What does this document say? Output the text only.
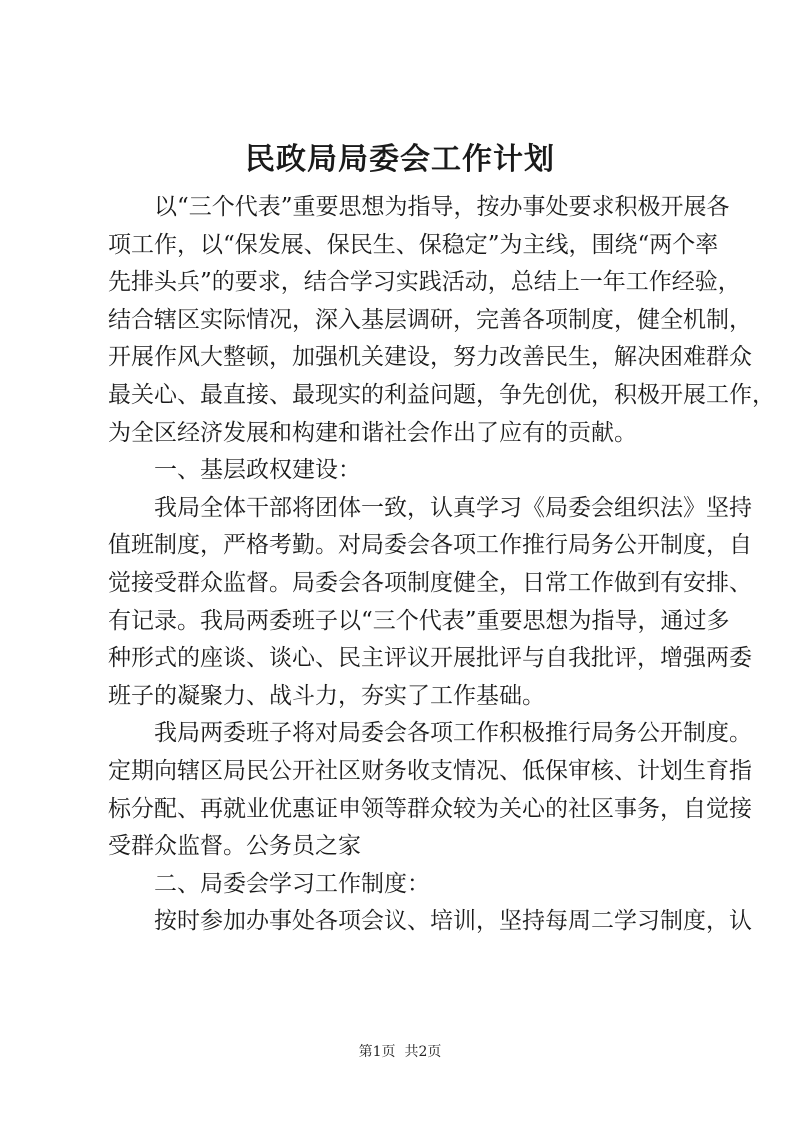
民政局局委会工作计划
以“三个代表”重要思想为指导，按办事处要求积极开展各
项工作，以“保发展、保民生、保稳定”为主线，围绕“两个率
先排头兵”的要求，结合学习实践活动，总结上一年工作经验，
结合辖区实际情况，深入基层调研，完善各项制度，健全机制，
开展作风大整顿，加强机关建设，努力改善民生，解决困难群众
最关心、最直接、最现实的利益问题，争先创优，积极开展工作，
为全区经济发展和构建和谐社会作出了应有的贡献。
一、基层政权建设：
我局全体干部将团体一致，认真学习《局委会组织法》坚持
值班制度，严格考勤。对局委会各项工作推行局务公开制度，自
觉接受群众监督。局委会各项制度健全，日常工作做到有安排、
有记录。我局两委班子以“三个代表”重要思想为指导，通过多
种形式的座谈、谈心、民主评议开展批评与自我批评，增强两委
班子的凝聚力、战斗力，夯实了工作基础。
我局两委班子将对局委会各项工作积极推行局务公开制度。
定期向辖区局民公开社区财务收支情况、低保审核、计划生育指
标分配、再就业优惠证申领等群众较为关心的社区事务，自觉接
受群众监督。公务员之家
二、局委会学习工作制度：
按时参加办事处各项会议、培训，坚持每周二学习制度，认
第1页 共2页
